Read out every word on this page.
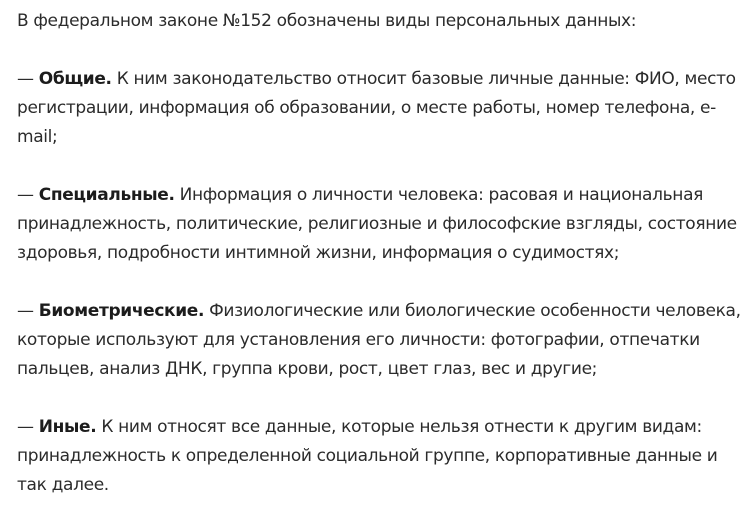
В федеральном законе №152 обозначены виды персональных данных:

— Общие. К ним законодательство относит базовые личные данные: ФИО, место регистрации, информация об образовании, о месте работы, номер телефона, e-mail;

— Специальные. Информация о личности человека: расовая и национальная принадлежность, политические, религиозные и философские взгляды, состояние здоровья, подробности интимной жизни, информация о судимостях;

— Биометрические. Физиологические или биологические особенности человека, которые используют для установления его личности: фотографии, отпечатки пальцев, анализ ДНК, группа крови, рост, цвет глаз, вес и другие;

— Иные. К ним относят все данные, которые нельзя отнести к другим видам: принадлежность к определенной социальной группе, корпоративные данные и так далее.
